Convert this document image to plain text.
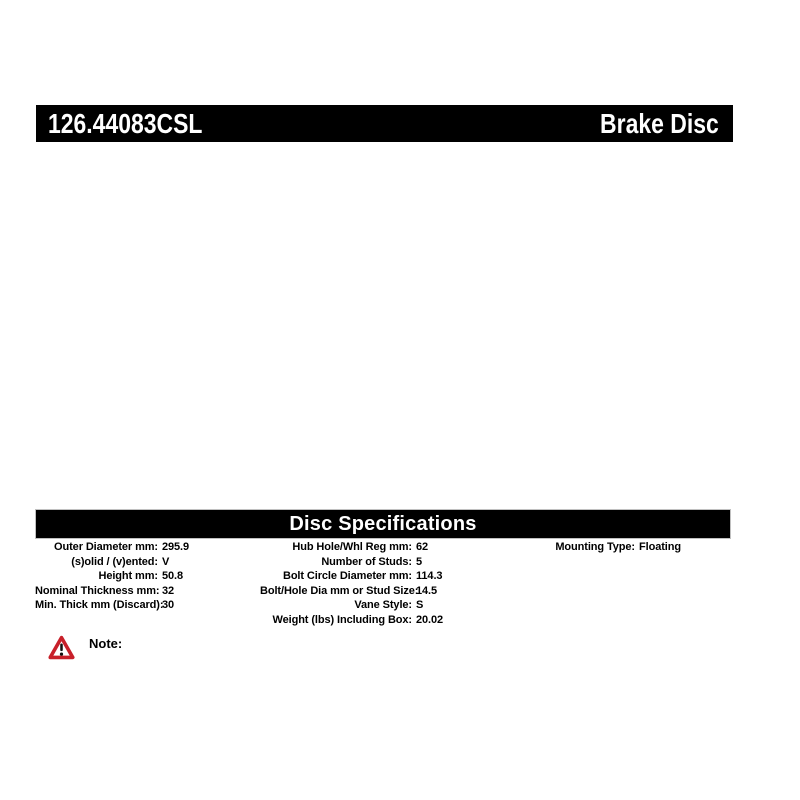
126.44083CSL	Brake Disc
Disc Specifications
Outer Diameter mm: 295.9
(s)olid / (v)ented: V
Height mm: 50.8
Nominal Thickness mm: 32
Min. Thick mm (Discard):
30
Hub Hole/Whl Reg mm: 62
Number of Studs: 5
Bolt Circle Diameter mm: 114.3
Bolt/Hole Dia mm or Stud Size:
14.5
Vane Style: S
Weight (lbs) Including Box: 20.02
Mounting Type: Floating
Note:
